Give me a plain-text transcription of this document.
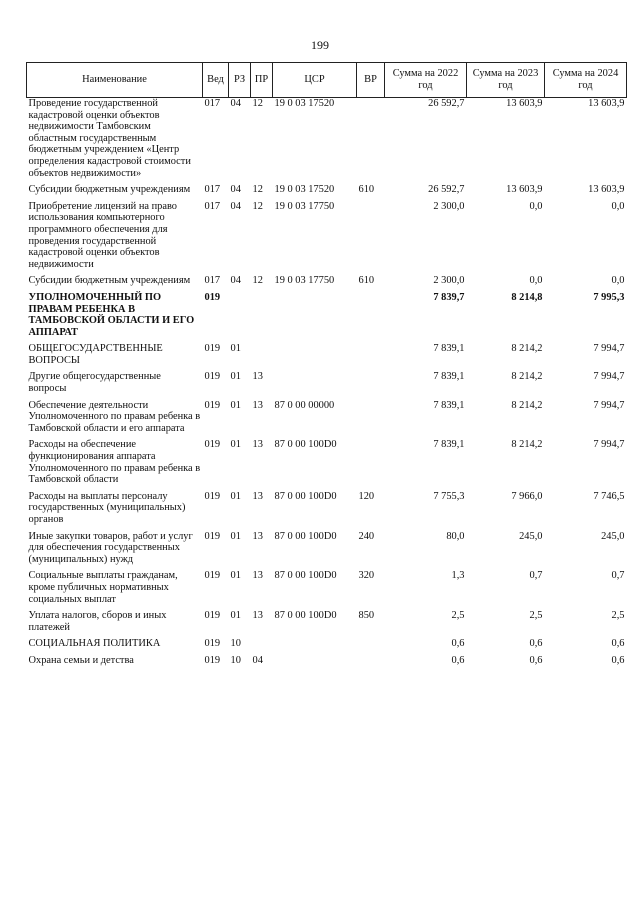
199
Наименование	Вед	РЗ	ПР	ЦСР	ВР	Сумма на 2022 год	Сумма на 2023 год	Сумма на 2024 год
Проведение государственной кадастровой оценки объектов недвижимости Тамбовским областным государственным бюджетным учреждением «Центр определения кадастровой стоимости объектов недвижимости»	017	04	12	19 0 03 17520		26 592,7	13 603,9	13 603,9
Субсидии бюджетным учреждениям	017	04	12	19 0 03 17520	610	26 592,7	13 603,9	13 603,9
Приобретение лицензий на право использования компьютерного программного обеспечения для проведения государственной кадастровой оценки объектов недвижимости	017	04	12	19 0 03 17750		2 300,0	0,0	0,0
Субсидии бюджетным учреждениям	017	04	12	19 0 03 17750	610	2 300,0	0,0	0,0
УПОЛНОМОЧЕННЫЙ ПО ПРАВАМ РЕБЕНКА В ТАМБОВСКОЙ ОБЛАСТИ И ЕГО АППАРАТ	019					7 839,7	8 214,8	7 995,3
ОБЩЕГОСУДАРСТВЕННЫЕ ВОПРОСЫ	019	01				7 839,1	8 214,2	7 994,7
Другие общегосударственные вопросы	019	01	13			7 839,1	8 214,2	7 994,7
Обеспечение деятельности Уполномоченного по правам ребенка в Тамбовской области и его аппарата	019	01	13	87 0 00 00000		7 839,1	8 214,2	7 994,7
Расходы на обеспечение функционирования аппарата Уполномоченного по правам ребенка в Тамбовской области	019	01	13	87 0 00 100D0		7 839,1	8 214,2	7 994,7
Расходы на выплаты персоналу государственных (муниципальных) органов	019	01	13	87 0 00 100D0	120	7 755,3	7 966,0	7 746,5
Иные закупки товаров, работ и услуг для обеспечения государственных (муниципальных) нужд	019	01	13	87 0 00 100D0	240	80,0	245,0	245,0
Социальные выплаты гражданам, кроме публичных нормативных социальных выплат	019	01	13	87 0 00 100D0	320	1,3	0,7	0,7
Уплата налогов, сборов и иных платежей	019	01	13	87 0 00 100D0	850	2,5	2,5	2,5
СОЦИАЛЬНАЯ ПОЛИТИКА	019	10				0,6	0,6	0,6
Охрана семьи и детства	019	10	04			0,6	0,6	0,6
